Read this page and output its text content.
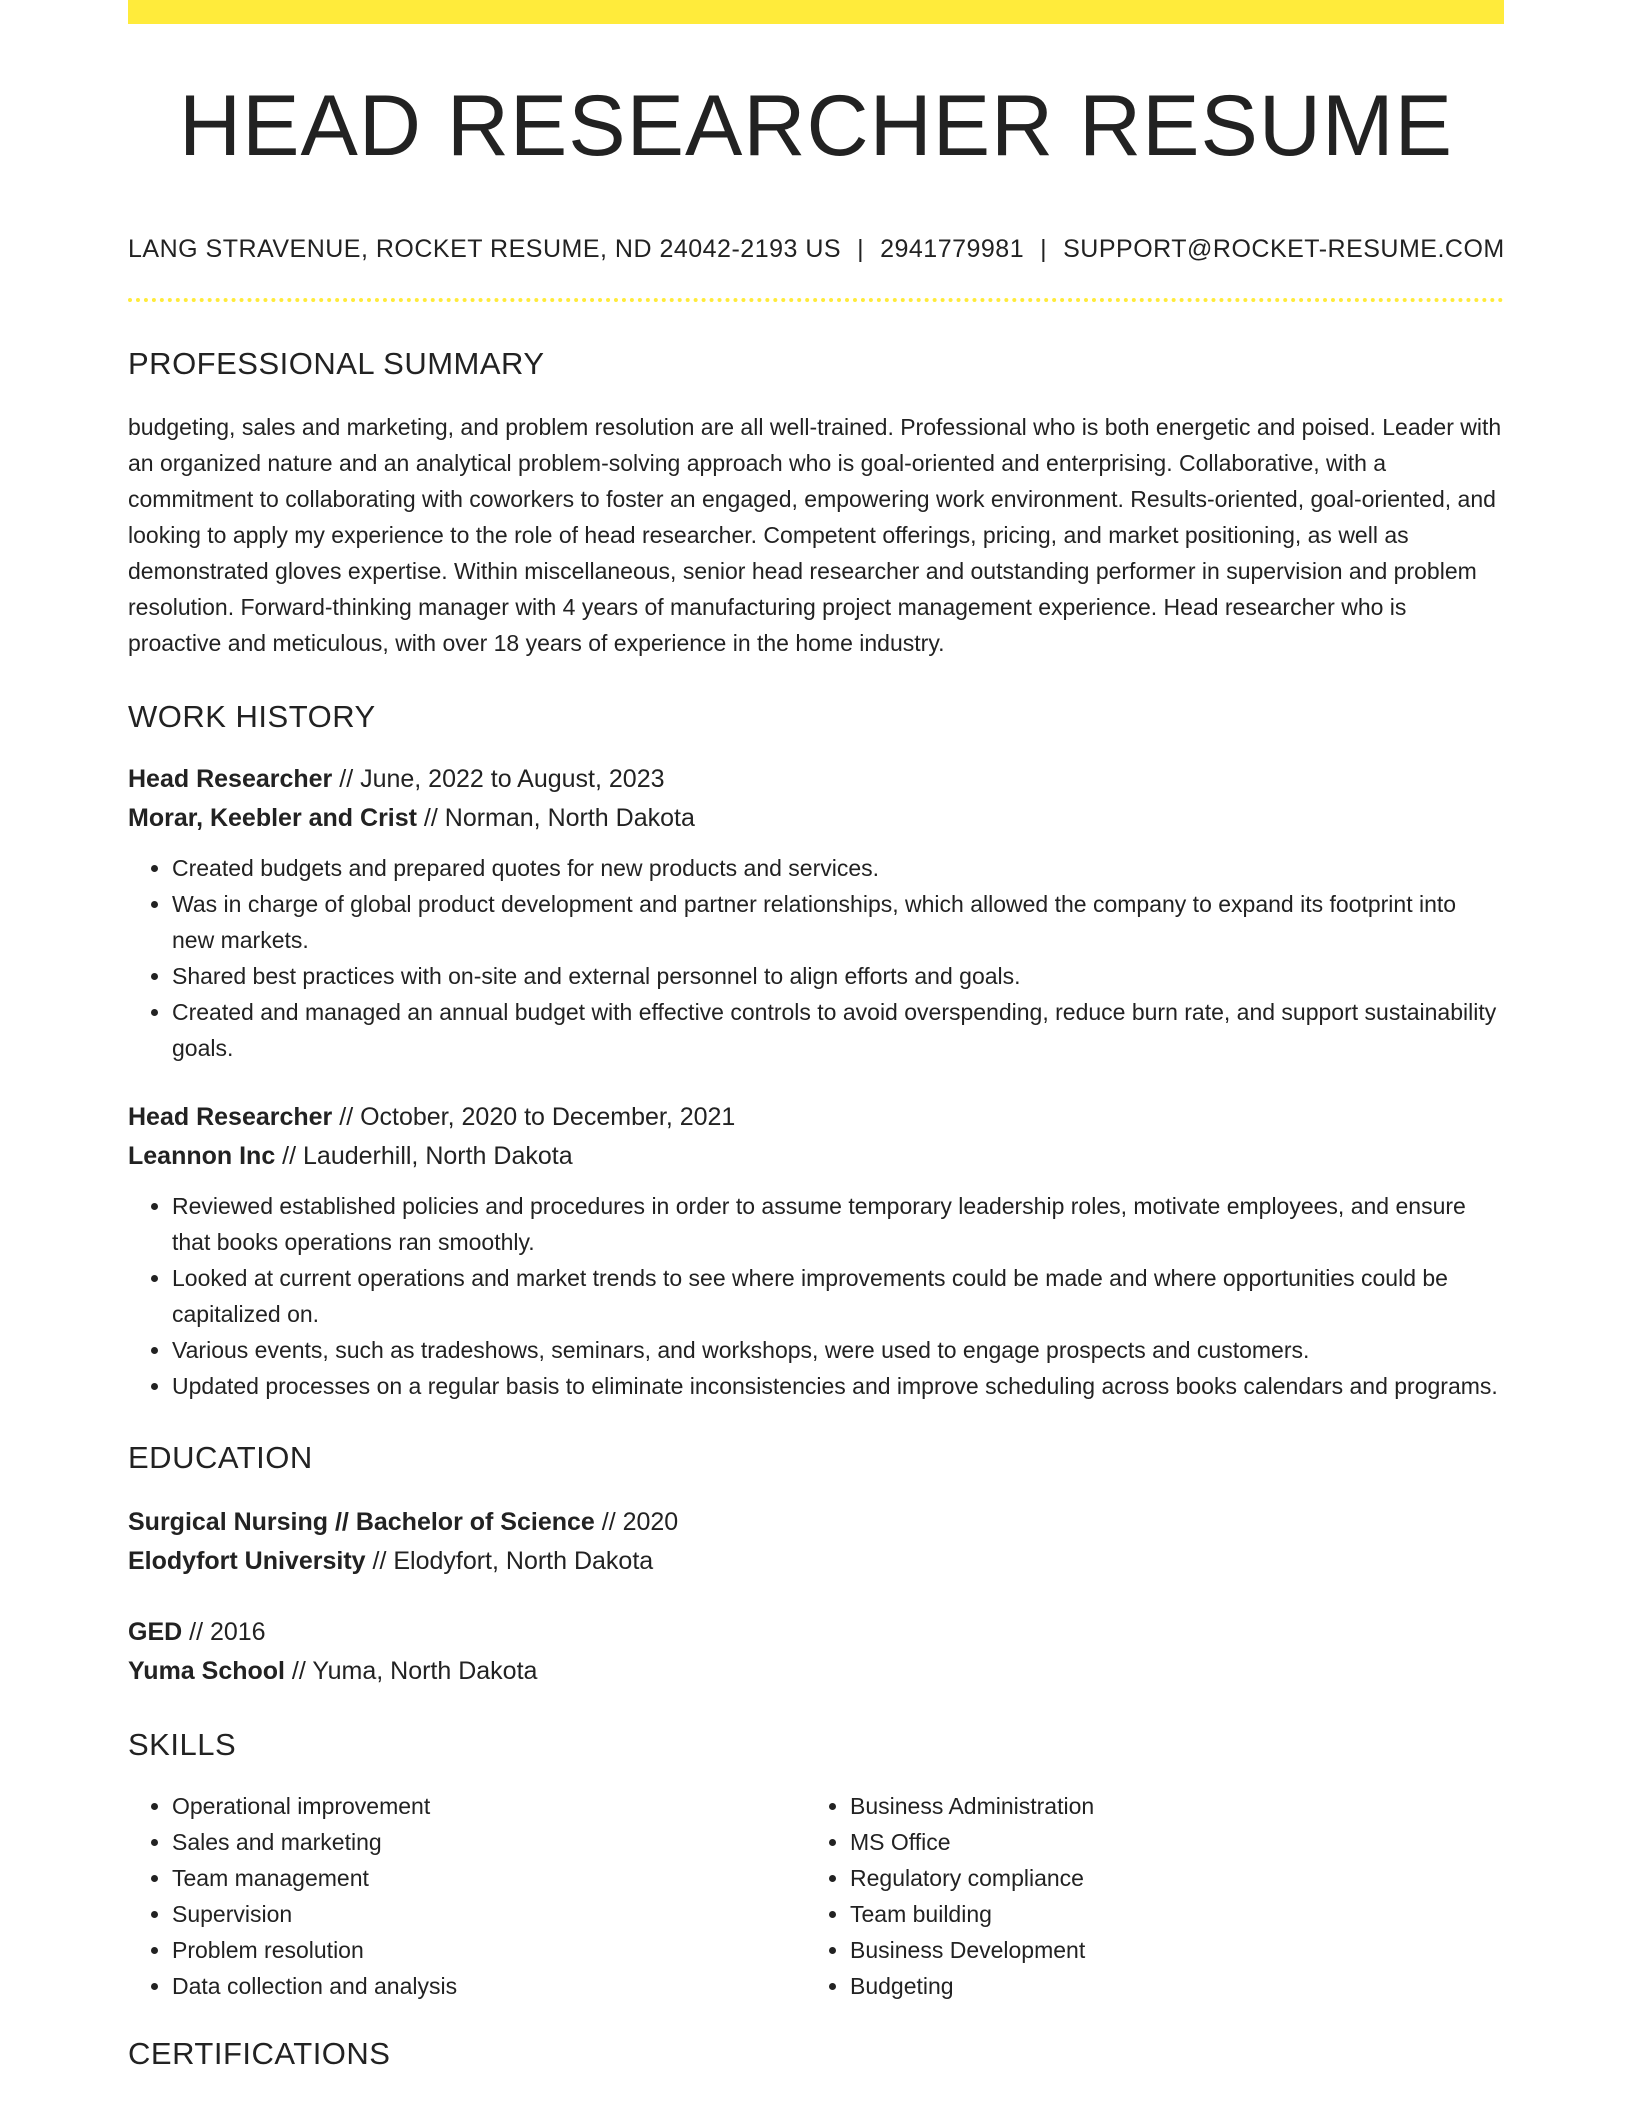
HEAD RESEARCHER RESUME
LANG STRAVENUE, ROCKET RESUME, ND 24042-2193 US | 2941779981 | SUPPORT@ROCKET-RESUME.COM
PROFESSIONAL SUMMARY

budgeting, sales and marketing, and problem resolution are all well-trained. Professional who is both energetic and poised. Leader with an organized nature and an analytical problem-solving approach who is goal-oriented and enterprising. Collaborative, with a commitment to collaborating with coworkers to foster an engaged, empowering work environment. Results-oriented, goal-oriented, and looking to apply my experience to the role of head researcher. Competent offerings, pricing, and market positioning, as well as demonstrated gloves expertise. Within miscellaneous, senior head researcher and outstanding performer in supervision and problem resolution. Forward-thinking manager with 4 years of manufacturing project management experience. Head researcher who is proactive and meticulous, with over 18 years of experience in the home industry.

WORK HISTORY
Head Researcher // June, 2022 to August, 2023
Morar, Keebler and Crist // Norman, North Dakota
• Created budgets and prepared quotes for new products and services.
• Was in charge of global product development and partner relationships, which allowed the company to expand its footprint into new markets.
• Shared best practices with on-site and external personnel to align efforts and goals.
• Created and managed an annual budget with effective controls to avoid overspending, reduce burn rate, and support sustainability goals.
Head Researcher // October, 2020 to December, 2021
Leannon Inc // Lauderhill, North Dakota
• Reviewed established policies and procedures in order to assume temporary leadership roles, motivate employees, and ensure that books operations ran smoothly.
• Looked at current operations and market trends to see where improvements could be made and where opportunities could be capitalized on.
• Various events, such as tradeshows, seminars, and workshops, were used to engage prospects and customers.
• Updated processes on a regular basis to eliminate inconsistencies and improve scheduling across books calendars and programs.
EDUCATION
Surgical Nursing // Bachelor of Science // 2020
Elodyfort University // Elodyfort, North Dakota
GED // 2016
Yuma School // Yuma, North Dakota
SKILLS
• Operational improvement
• Sales and marketing
• Team management
• Supervision
• Problem resolution
• Data collection and analysis
• Business Administration
• MS Office
• Regulatory compliance
• Team building
• Business Development
• Budgeting
CERTIFICATIONS
